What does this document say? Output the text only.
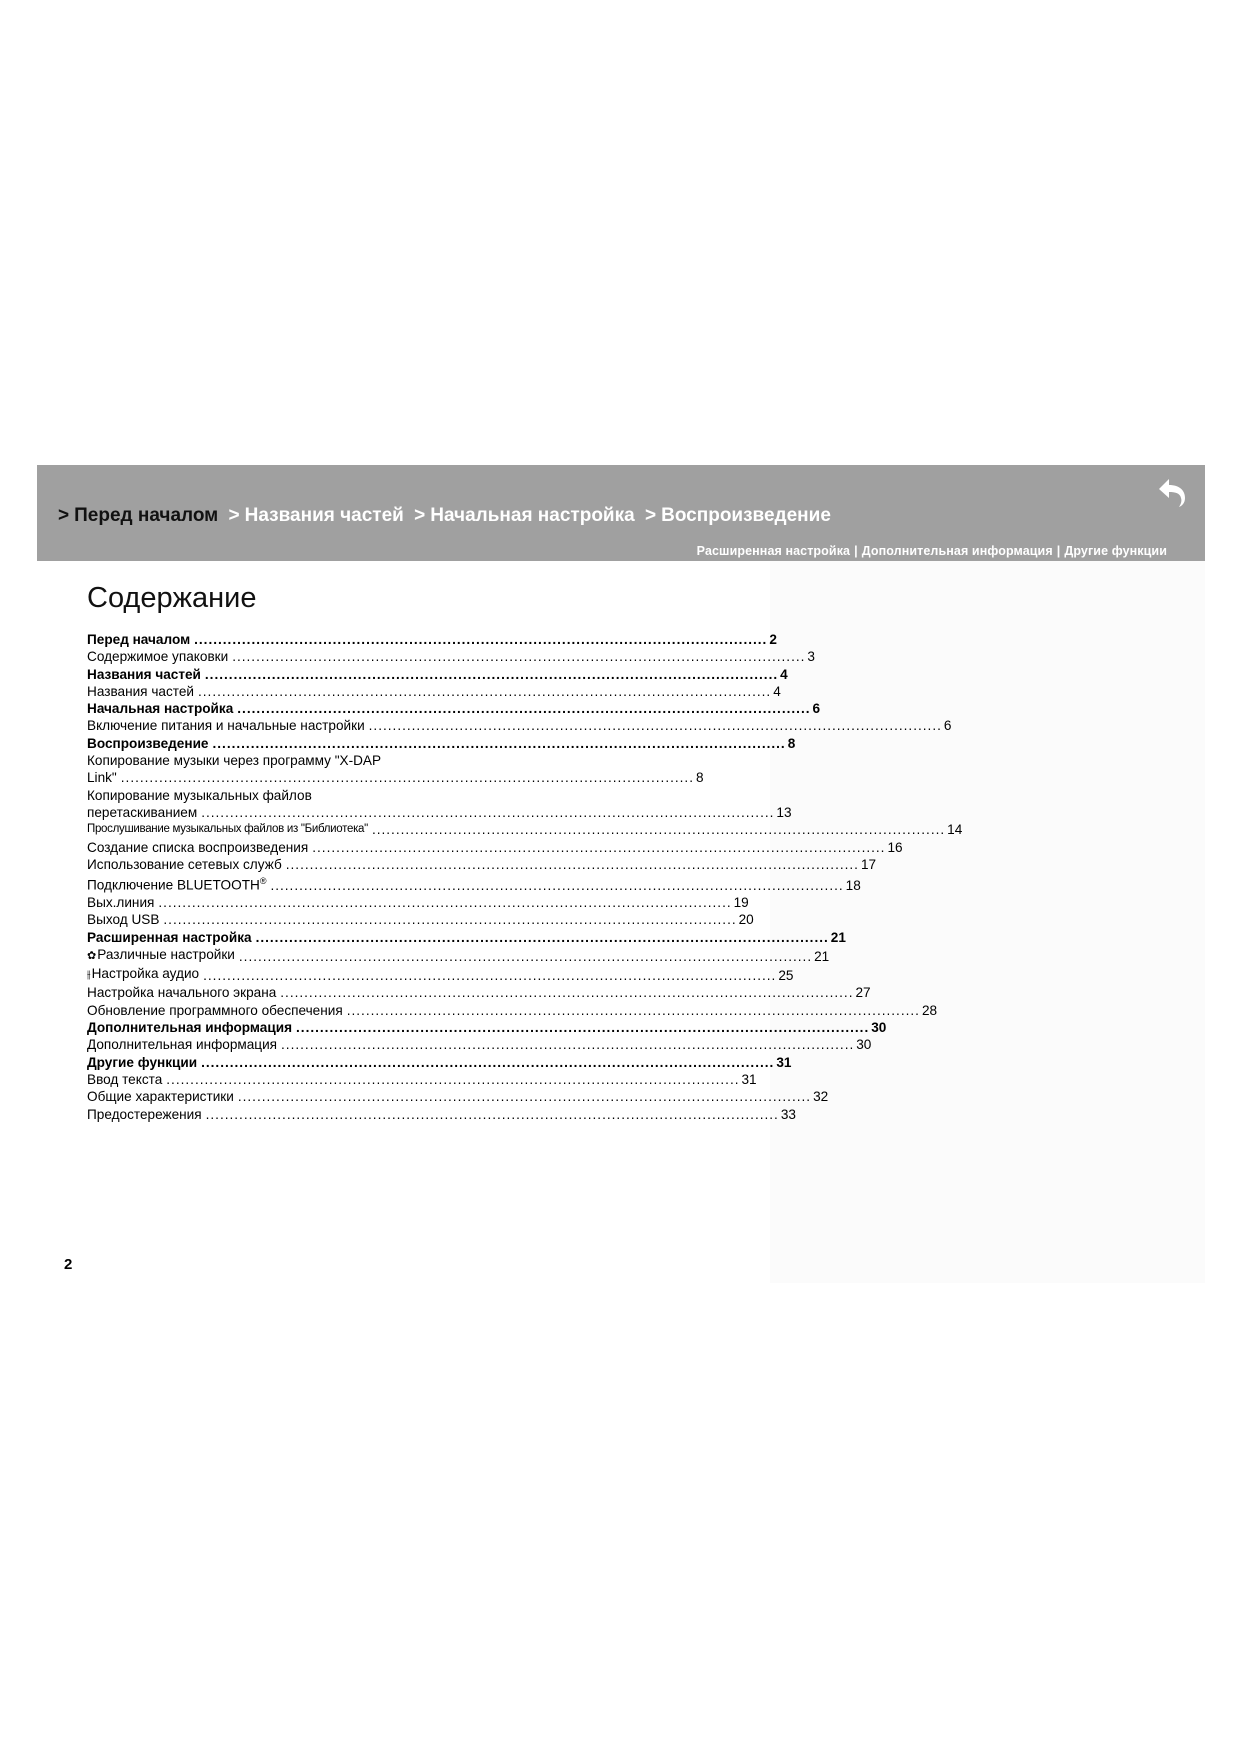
> Перед началом > Названия частей > Начальная настройка > Воспроизведение
Расширенная настройка | Дополнительная информация | Другие функции
Содержание
Перед началом ........................................................................................................................ 2
Содержимое упаковки ........................................................................................................................ 3
Названия частей ........................................................................................................................ 4
Названия частей ........................................................................................................................ 4
Начальная настройка ........................................................................................................................ 6
Включение питания и начальные настройки ........................................................................................................................ 6
Воспроизведение ........................................................................................................................ 8
Копирование музыки через программу "X-DAP
Link" ........................................................................................................................ 8
Копирование музыкальных файлов
перетаскиванием ........................................................................................................................ 13
Прослушивание музыкальных файлов из "Библиотека" ........................................................................................................................ 14
Создание списка воспроизведения ........................................................................................................................ 16
Использование сетевых служб ........................................................................................................................ 17
Подключение BLUETOOTH® ........................................................................................................................ 18
Вых.линия ........................................................................................................................ 19
Выход USB ........................................................................................................................ 20
Расширенная настройка ........................................................................................................................ 21
✿Различные настройки ........................................................................................................................ 21
⫲Настройка аудио ........................................................................................................................ 25
Настройка начального экрана ........................................................................................................................ 27
Обновление программного обеспечения ........................................................................................................................ 28
Дополнительная информация ........................................................................................................................ 30
Дополнительная информация ........................................................................................................................ 30
Другие функции ........................................................................................................................ 31
Ввод текста ........................................................................................................................ 31
Общие характеристики ........................................................................................................................ 32
Предостережения ........................................................................................................................ 33
2
